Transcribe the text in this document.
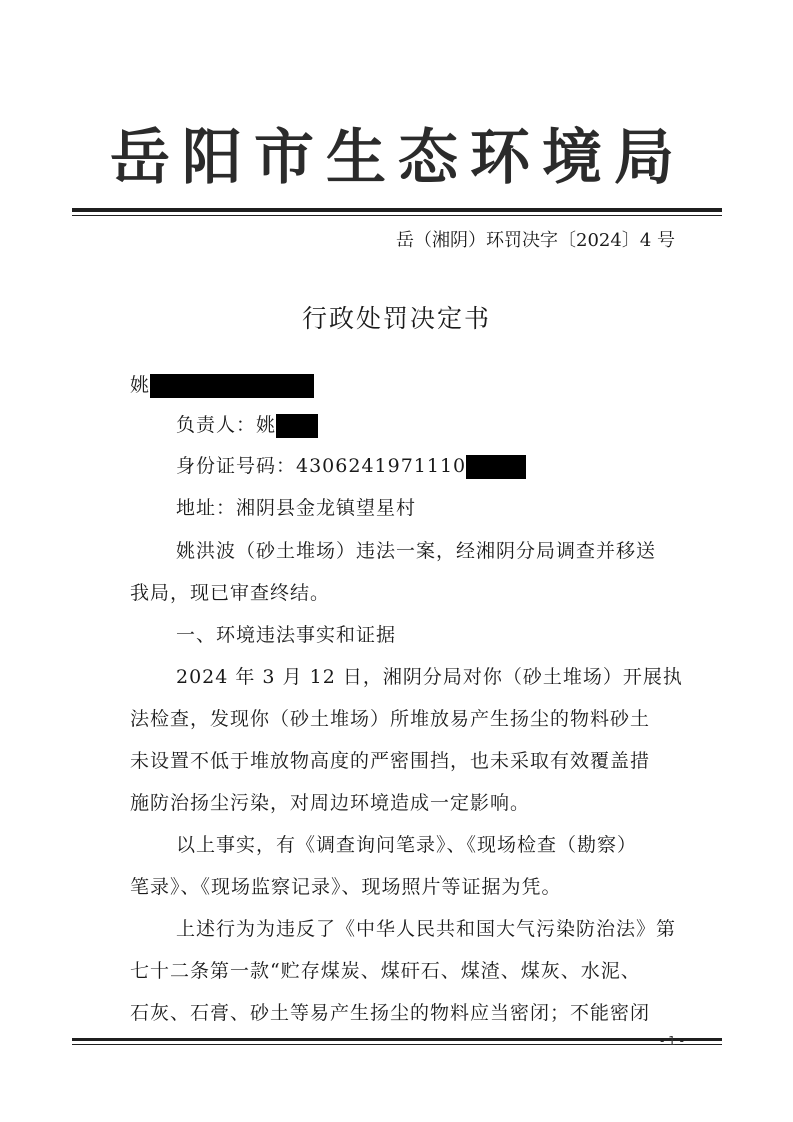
岳阳市生态环境局
岳（湘阴）环罚决字〔2024〕4 号
行政处罚决定书
姚
负责人：姚
身份证号码：4306241971110
地址：湘阴县金龙镇望星村
姚洪波（砂土堆场）违法一案，经湘阴分局调查并移送
我局，现已审查终结。
一、环境违法事实和证据
2024 年 3 月 12 日，湘阴分局对你（砂土堆场）开展执
法检查，发现你（砂土堆场）所堆放易产生扬尘的物料砂土
未设置不低于堆放物高度的严密围挡，也未采取有效覆盖措
施防治扬尘污染，对周边环境造成一定影响。
以上事实，有《调查询问笔录》、《现场检查（勘察）
笔录》、《现场监察记录》、现场照片等证据为凭。
上述行为为违反了《中华人民共和国大气污染防治法》第
七十二条第一款“贮存煤炭、煤矸石、煤渣、煤灰、水泥、
石灰、石膏、砂土等易产生扬尘的物料应当密闭；不能密闭
- 1 -
